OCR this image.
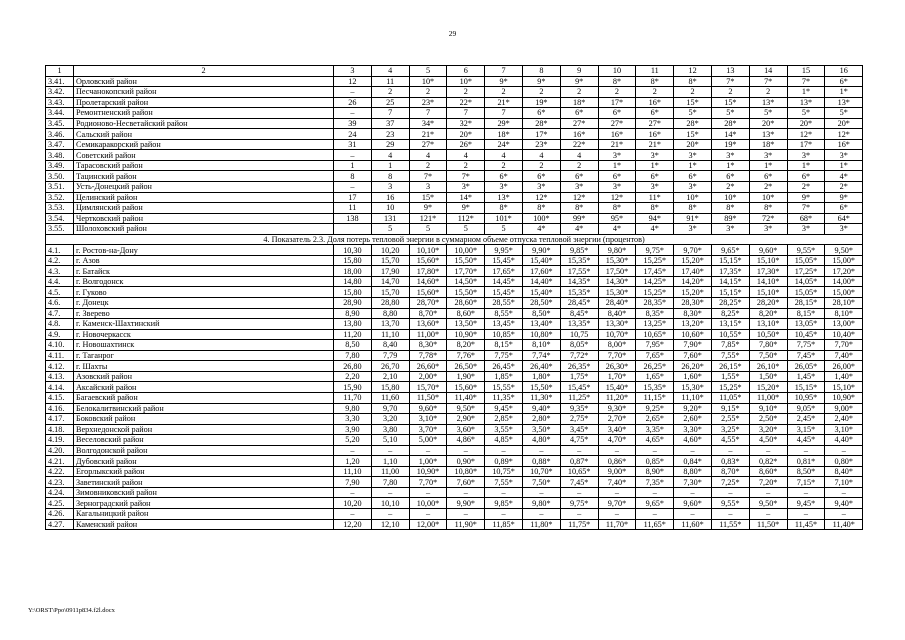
29
1	2	3	4	5	6	7	8	9	10	11	12	13	14	15	16
3.41.	Орловский район	12	11	10*	10*	9*	9*	9*	8*	8*	8*	7*	7*	7*	6*
3.42.	Песчанокопский район	–	2	2	2	2	2	2	2	2	2	2	2	1*	1*
3.43.	Пролетарский район	26	25	23*	22*	21*	19*	18*	17*	16*	15*	15*	13*	13*	13*
3.44.	Ремонтненский район	–	7	7	7	7	6*	6*	6*	6*	5*	5*	5*	5*	5*
3.45.	Родионово-Несветайский район	39	37	34*	32*	29*	28*	27*	27*	27*	28*	28*	20*	20*	20*
3.46.	Сальский район	24	23	21*	20*	18*	17*	16*	16*	16*	15*	14*	13*	12*	12*
3.47.	Семикаракорский район	31	29	27*	26*	24*	23*	22*	21*	21*	20*	19*	18*	17*	16*
3.48.	Советский район	–	4	4	4	4	4	4	3*	3*	3*	3*	3*	3*	3*
3.49.	Тарасовский район	1	1	2	2	2	2	2	1*	1*	1*	1*	1*	1*	1*
3.50.	Тацинский район	8	8	7*	7*	6*	6*	6*	6*	6*	6*	6*	6*	6*	4*
3.51.	Усть-Донецкий район	–	3	3	3*	3*	3*	3*	3*	3*	3*	2*	2*	2*	2*
3.52.	Целинский район	17	16	15*	14*	13*	12*	12*	12*	11*	10*	10*	10*	9*	9*
3.53.	Цимлянский район	11	10	9*	9*	8*	8*	8*	8*	8*	8*	8*	8*	7*	6*
3.54.	Чертковский район	138	131	121*	112*	101*	100*	99*	95*	94*	91*	89*	72*	68*	64*
3.55.	Шолоховский район		5	5	5	5	4*	4*	4*	4*	3*	3*	3*	3*	3*
4. Показатель 2.3. Доля потерь тепловой энергии в суммарном объеме отпуска тепловой энергии (процентов)															
4.1.	г. Ростов-на-Дону	10,30	10,20	10,10*	10,00*	9,95*	9,90*	9,85*	9,80*	9,75*	9,70*	9,65*	9,60*	9,55*	9,50*
4.2.	г. Азов	15,80	15,70	15,60*	15,50*	15,45*	15,40*	15,35*	15,30*	15,25*	15,20*	15,15*	15,10*	15,05*	15,00*
4.3.	г. Батайск	18,00	17,90	17,80*	17,70*	17,65*	17,60*	17,55*	17,50*	17,45*	17,40*	17,35*	17,30*	17,25*	17,20*
4.4.	г. Волгодонск	14,80	14,70	14,60*	14,50*	14,45*	14,40*	14,35*	14,30*	14,25*	14,20*	14,15*	14,10*	14,05*	14,00*
4.5.	г. Гуково	15,80	15,70	15,60*	15,50*	15,45*	15,40*	15,35*	15,30*	15,25*	15,20*	15,15*	15,10*	15,05*	15,00*
4.6.	г. Донецк	28,90	28,80	28,70*	28,60*	28,55*	28,50*	28,45*	28,40*	28,35*	28,30*	28,25*	28,20*	28,15*	28,10*
4.7.	г. Зверево	8,90	8,80	8,70*	8,60*	8,55*	8,50*	8,45*	8,40*	8,35*	8,30*	8,25*	8,20*	8,15*	8,10*
4.8.	г. Каменск-Шахтинский	13,80	13,70	13,60*	13,50*	13,45*	13,40*	13,35*	13,30*	13,25*	13,20*	13,15*	13,10*	13,05*	13,00*
4.9.	г. Новочеркасск	11,20	11,10	11,00*	10,90*	10,85*	10,80*	10,75	10,70*	10,65*	10,60*	10,55*	10,50*	10,45*	10,40*
4.10.	г. Новошахтинск	8,50	8,40	8,30*	8,20*	8,15*	8,10*	8,05*	8,00*	7,95*	7,90*	7,85*	7,80*	7,75*	7,70*
4.11.	г. Таганрог	7,80	7,79	7,78*	7,76*	7,75*	7,74*	7,72*	7,70*	7,65*	7,60*	7,55*	7,50*	7,45*	7,40*
4.12.	г. Шахты	26,80	26,70	26,60*	26,50*	26,45*	26,40*	26,35*	26,30*	26,25*	26,20*	26,15*	26,10*	26,05*	26,00*
4.13.	Азовский район	2,20	2,10	2,00*	1,90*	1,85*	1,80*	1,75*	1,70*	1,65*	1,60*	1,55*	1,50*	1,45*	1,40*
4.14.	Аксайский район	15,90	15,80	15,70*	15,60*	15,55*	15,50*	15,45*	15,40*	15,35*	15,30*	15,25*	15,20*	15,15*	15,10*
4.15.	Багаевский район	11,70	11,60	11,50*	11,40*	11,35*	11,30*	11,25*	11,20*	11,15*	11,10*	11,05*	11,00*	10,95*	10,90*
4.16.	Белокалитвинский район	9,80	9,70	9,60*	9,50*	9,45*	9,40*	9,35*	9,30*	9,25*	9,20*	9,15*	9,10*	9,05*	9,00*
4.17.	Боковский район	3,30	3,20	3,10*	2,90*	2,85*	2,80*	2,75*	2,70*	2,65*	2,60*	2,55*	2,50*	2,45*	2,40*
4.18.	Верхнедонской район	3,90	3,80	3,70*	3,60*	3,55*	3,50*	3,45*	3,40*	3,35*	3,30*	3,25*	3,20*	3,15*	3,10*
4.19.	Веселовский район	5,20	5,10	5,00*	4,86*	4,85*	4,80*	4,75*	4,70*	4,65*	4,60*	4,55*	4,50*	4,45*	4,40*
4.20.	Волгодонской район	–	–	–	–	–	–	–	–	–	–	–	–	–	–
4.21.	Дубовский район	1,20	1,10	1,00*	0,90*	0,89*	0,88*	0,87*	0,86*	0,85*	0,84*	0,83*	0,82*	0,81*	0,80*
4.22.	Егорлыкский район	11,10	11,00	10,90*	10,80*	10,75*	10,70*	10,65*	9,00*	8,90*	8,80*	8,70*	8,60*	8,50*	8,40*
4.23.	Заветинский район	7,90	7,80	7,70*	7,60*	7,55*	7,50*	7,45*	7,40*	7,35*	7,30*	7,25*	7,20*	7,15*	7,10*
4.24.	Зимовниковский район	–	–	–	–	–	–	–	–	–	–	–	–	–	–
4.25.	Зерноградский район	10,20	10,10	10,00*	9,90*	9,85*	9,80*	9,75*	9,70*	9,65*	9,60*	9,55*	9,50*	9,45*	9,40*
4.26.	Кагальницкий район	–	–	–	–	–	–	–	–	–	–	–	–	–	–
4.27.	Каменский район	12,20	12,10	12,00*	11,90*	11,85*	11,80*	11,75*	11,70*	11,65*	11,60*	11,55*	11,50*	11,45*	11,40*
Y:\ORST\Ppo\0911p834.f2l.docx
